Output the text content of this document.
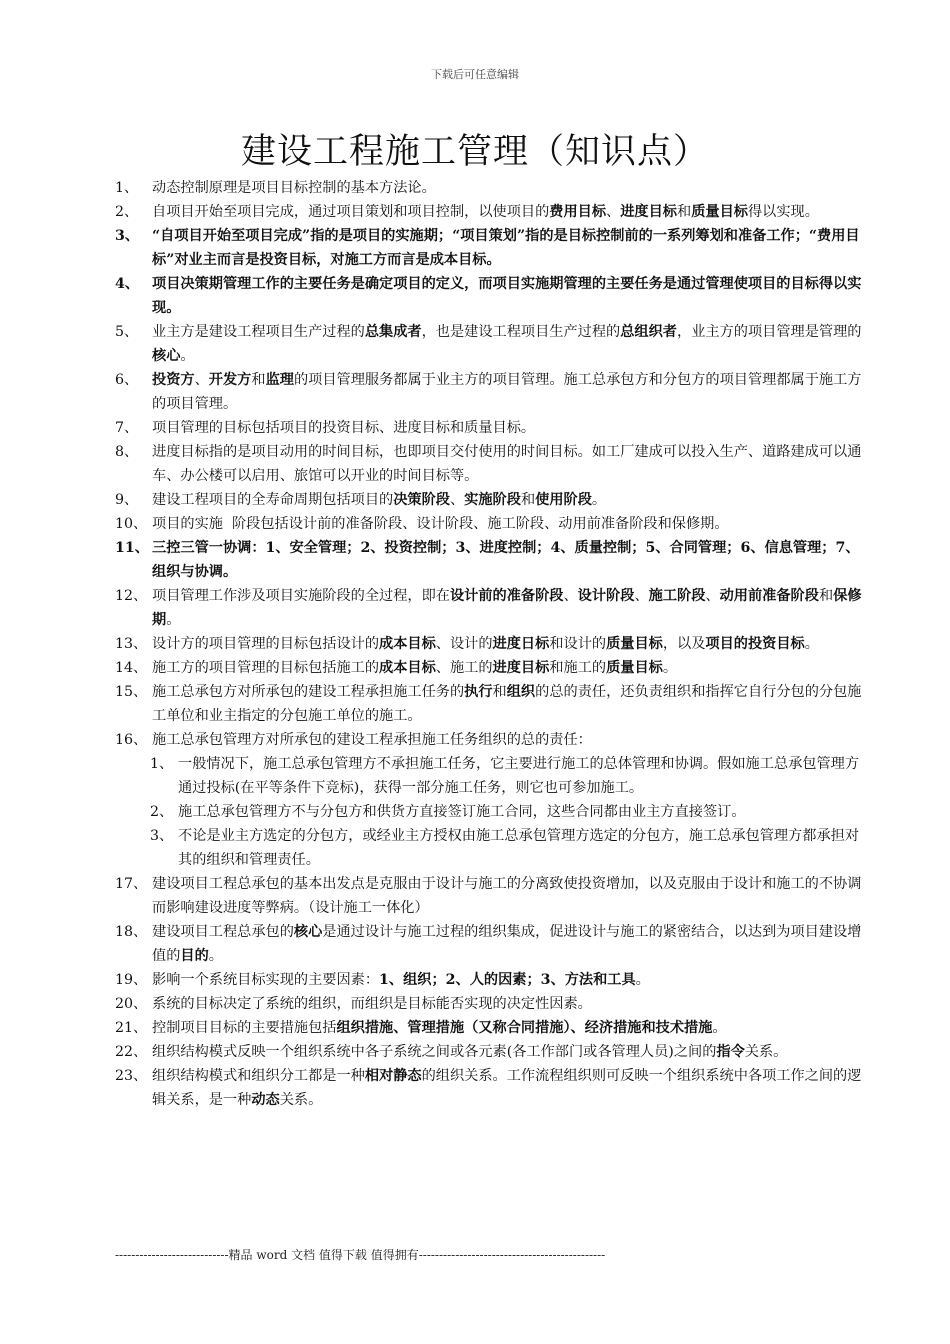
下载后可任意编辑
建设工程施工管理（知识点）
1、 动态控制原理是项目目标控制的基本方法论。
2、 自项目开始至项目完成，通过项目策划和项目控制，以使项目的费用目标、进度目标和质量目标得以实现。
3、 “自项目开始至项目完成”指的是项目的实施期；“项目策划”指的是目标控制前的一系列筹划和准备工作；“费用目标”对业主而言是投资目标，对施工方而言是成本目标。
4、 项目决策期管理工作的主要任务是确定项目的定义，而项目实施期管理的主要任务是通过管理使项目的目标得以实现。
5、 业主方是建设工程项目生产过程的总集成者，也是建设工程项目生产过程的总组织者，业主方的项目管理是管理的核心。
6、 投资方、开发方和监理的项目管理服务都属于业主方的项目管理。施工总承包方和分包方的项目管理都属于施工方的项目管理。
7、 项目管理的目标包括项目的投资目标、进度目标和质量目标。
8、 进度目标指的是项目动用的时间目标，也即项目交付使用的时间目标。如工厂建成可以投入生产、道路建成可以通车、办公楼可以启用、旅馆可以开业的时间目标等。
9、 建设工程项目的全寿命周期包括项目的决策阶段、实施阶段和使用阶段。
10、 项目的实施  阶段包括设计前的准备阶段、设计阶段、施工阶段、动用前准备阶段和保修期。
11、 三控三管一协调：1、安全管理；2、投资控制；3、进度控制；4、质量控制；5、合同管理；6、信息管理；7、组织与协调。
12、 项目管理工作涉及项目实施阶段的全过程，即在设计前的准备阶段、设计阶段、施工阶段、动用前准备阶段和保修期。
13、 设计方的项目管理的目标包括设计的成本目标、设计的进度日标和设计的质量目标，以及项目的投资目标。
14、 施工方的项目管理的目标包括施工的成本目标、施工的进度目标和施工的质量目标。
15、 施工总承包方对所承包的建设工程承担施工任务的执行和组织的总的责任，还负责组织和指挥它自行分包的分包施工单位和业主指定的分包施工单位的施工。
16、 施工总承包管理方对所承包的建设工程承担施工任务组织的总的责任：
1、 一般情况下，施工总承包管理方不承担施工任务，它主要进行施工的总体管理和协调。假如施工总承包管理方通过投标(在平等条件下竞标)，获得一部分施工任务，则它也可参加施工。
2、 施工总承包管理方不与分包方和供货方直接签订施工合同，这些合同都由业主方直接签订。
3、 不论是业主方选定的分包方，或经业主方授权由施工总承包管理方选定的分包方，施工总承包管理方都承担对其的组织和管理责任。
17、 建设项目工程总承包的基本出发点是克服由于设计与施工的分离致使投资增加，以及克服由于设计和施工的不协调而影响建设进度等弊病。（设计施工一体化）
18、 建设项目工程总承包的核心是通过设计与施工过程的组织集成，促进设计与施工的紧密结合，以达到为项目建设增值的目的。
19、 影响一个系统目标实现的主要因素：1、组织；2、人的因素；3、方法和工具。
20、 系统的目标决定了系统的组织，而组织是目标能否实现的决定性因素。
21、 控制项目目标的主要措施包括组织措施、管理措施（又称合同措施）、经济措施和技术措施。
22、 组织结构模式反映一个组织系统中各子系统之间或各元素(各工作部门或各管理人员)之间的指令关系。
23、 组织结构模式和组织分工都是一种相对静态的组织关系。工作流程组织则可反映一个组织系统中各项工作之间的逻辑关系，是一种动态关系。
----------------------------精品 word 文档 值得下载 值得拥有----------------------------------------------
